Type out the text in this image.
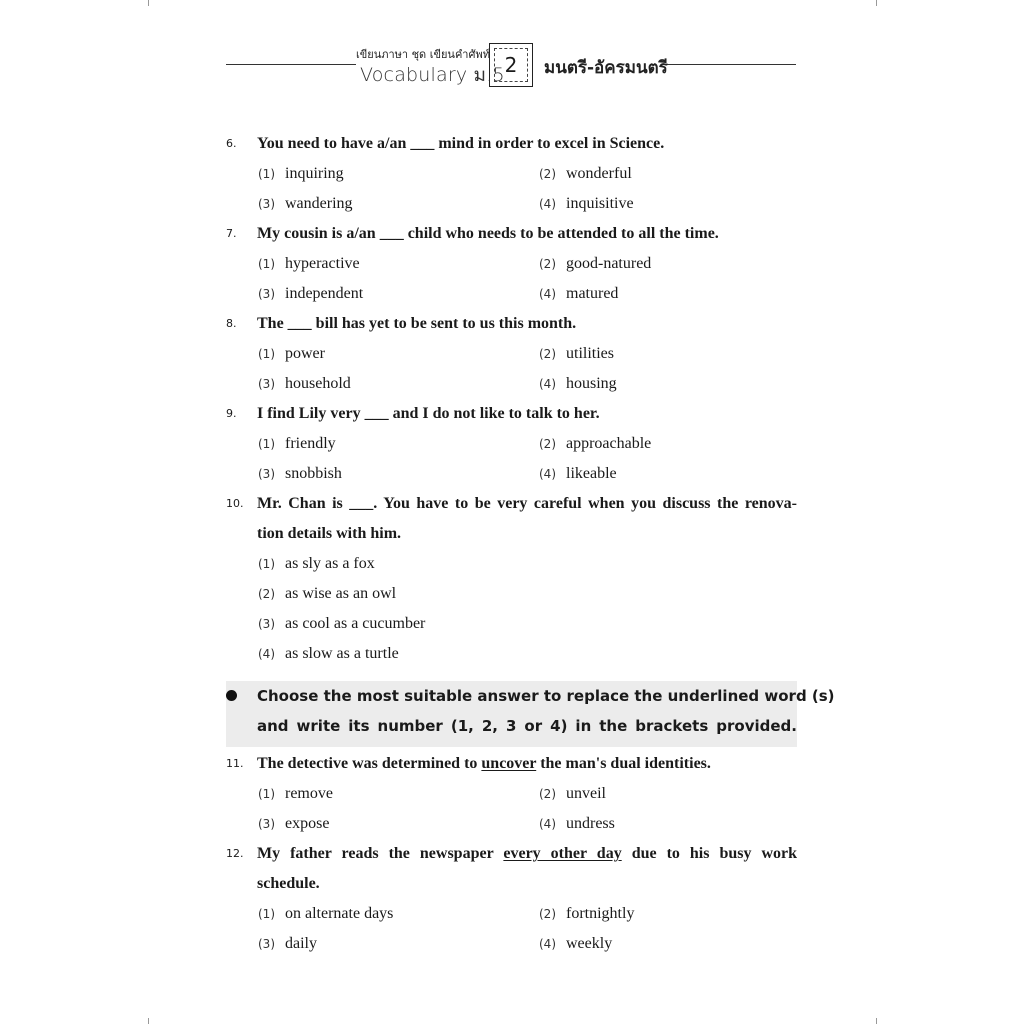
เขียนภาษา ชุด เขียนคำศัพท์
Vocabulary ม.5 2	มนตรี-อัครมนตรี
6. You need to have a/an ___ mind in order to excel in Science.
(1) inquiring	(2) wonderful
(3) wandering	(4) inquisitive
7. My cousin is a/an ___ child who needs to be attended to all the time.
(1) hyperactive	(2) good-natured
(3) independent	(4) matured
8. The ___ bill has yet to be sent to us this month.
(1) power	(2) utilities
(3) household	(4) housing
9. I find Lily very ___ and I do not like to talk to her.
(1) friendly	(2) approachable
(3) snobbish	(4) likeable
10. Mr. Chan is ___. You have to be very careful when you discuss the renova-
tion details with him.
(1) as sly as a fox
(2) as wise as an owl
(3) as cool as a cucumber
(4) as slow as a turtle
Choose the most suitable answer to replace the underlined word (s)
and write its number (1, 2, 3 or 4) in the brackets provided.
11. The detective was determined to uncover the man's dual identities.
(1) remove	(2) unveil
(3) expose	(4) undress
12. My father reads the newspaper every other day due to his busy work
schedule.
(1) on alternate days	(2) fortnightly
(3) daily	(4) weekly
